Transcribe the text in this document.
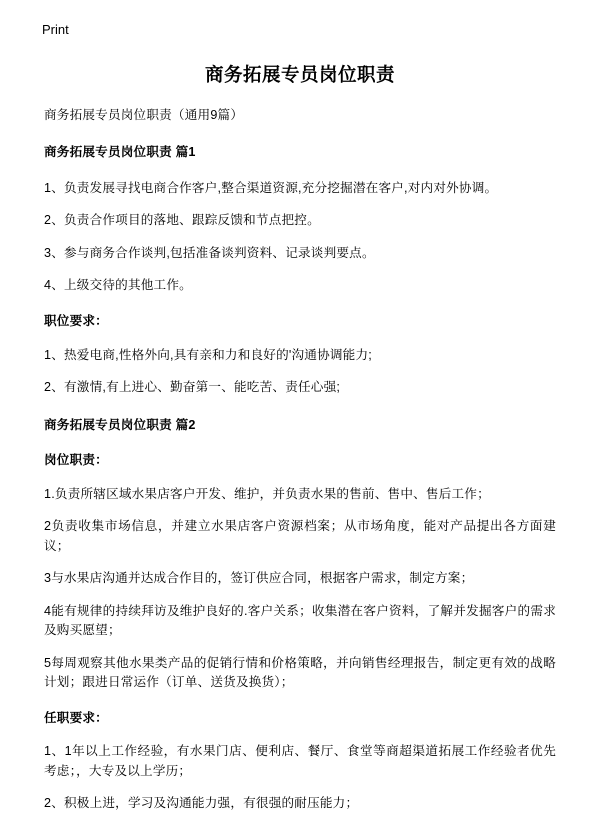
Print
商务拓展专员岗位职责

商务拓展专员岗位职责（通用9篇）

商务拓展专员岗位职责 篇1

1、负责发展寻找电商合作客户,整合渠道资源,充分挖掘潜在客户,对内对外协调。

2、负责合作项目的落地、跟踪反馈和节点把控。

3、参与商务合作谈判,包括准备谈判资料、记录谈判要点。

4、上级交待的其他工作。

职位要求：

1、热爱电商,性格外向,具有亲和力和良好的'沟通协调能力;

2、有激情,有上进心、勤奋第一、能吃苦、责任心强;

商务拓展专员岗位职责 篇2

岗位职责：

1.负责所辖区域水果店客户开发、维护，并负责水果的售前、售中、售后工作；

2负责收集市场信息，并建立水果店客户资源档案；从市场角度，能对产品提出各方面建议；

3与水果店沟通并达成合作目的，签订供应合同，根据客户需求，制定方案；

4能有规律的持续拜访及维护良好的.客户关系；收集潜在客户资料，了解并发掘客户的需求及购买愿望；

5每周观察其他水果类产品的促销行情和价格策略，并向销售经理报告，制定更有效的战略计划；跟进日常运作（订单、送货及换货）；

任职要求：

1、1年以上工作经验，有水果门店、便利店、餐厅、食堂等商超渠道拓展工作经验者优先考虑；，大专及以上学历；

2、积极上进，学习及沟通能力强，有很强的耐压能力；
